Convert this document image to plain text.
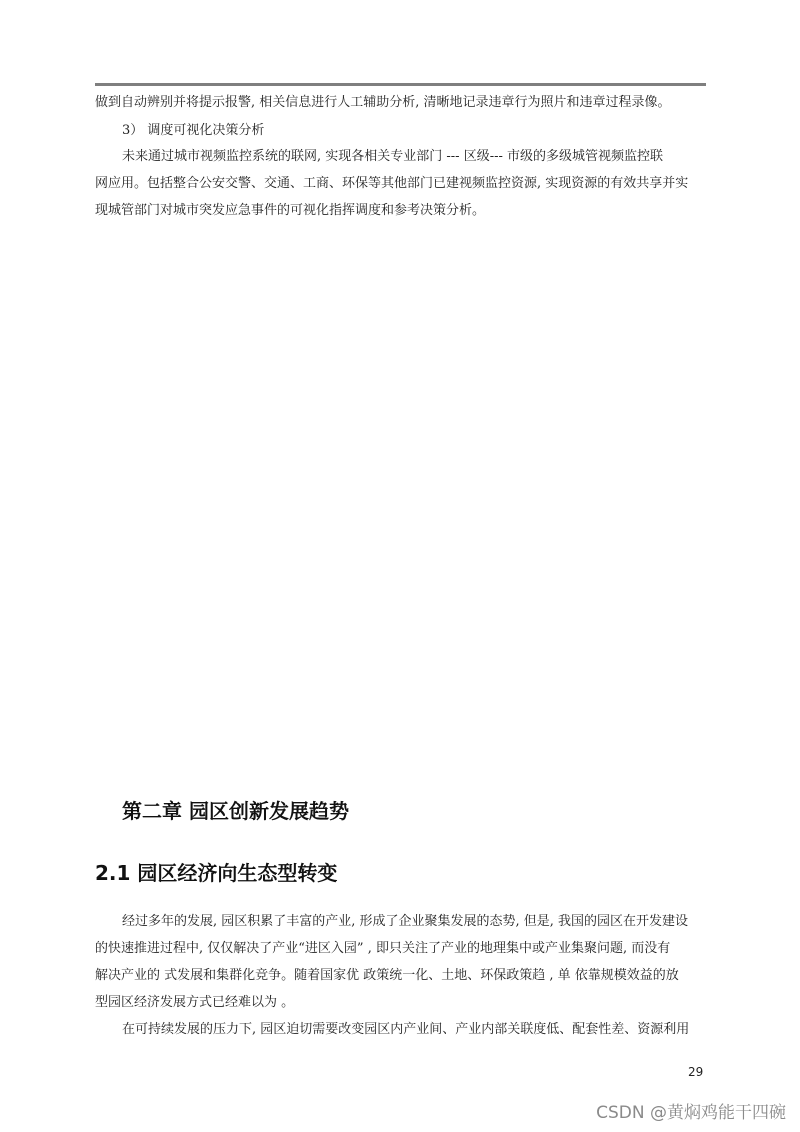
做到自动辨别并将提示报警, 相关信息进行人工辅助分析, 清晰地记录违章行为照片和违章过程录像。
3） 调度可视化决策分析
未来通过城市视频监控系统的联网, 实现各相关专业部门 --- 区级--- 市级的多级城管视频监控联
网应用。包括整合公安交警、交通、工商、环保等其他部门已建视频监控资源, 实现资源的有效共享并实
现城管部门对城市突发应急事件的可视化指挥调度和参考决策分析。
第二章 园区创新发展趋势
2.1 园区经济向生态型转变
经过多年的发展, 园区积累了丰富的产业, 形成了企业聚集发展的态势, 但是, 我国的园区在开发建设
的快速推进过程中, 仅仅解决了产业“进区入园” , 即只关注了产业的地理集中或产业集聚问题, 而没有
解决产业的 式发展和集群化竞争。随着国家优 政策统一化、土地、环保政策趋 , 单 依靠规模效益的放
型园区经济发展方式已经难以为 。
在可持续发展的压力下, 园区迫切需要改变园区内产业间、产业内部关联度低、配套性差、资源利用
29
CSDN @黄焖鸡能干四碗
